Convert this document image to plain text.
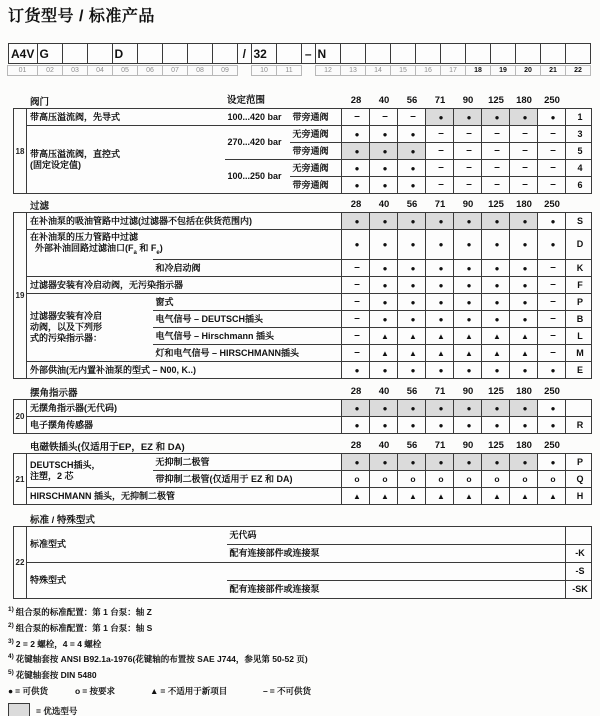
订货型号 / 标准产品
A4V
01
G
02	03	04
D
05	06	07	08	09
/ 32
10	11
– N
12	13	14	15	16	17	18	19	20	21	22
阀门	设定范围	28	40	56	71	90	125	180	250
18
带高压溢流阀，先导式	100...420 bar	带旁通阀	–	–	–	●	●	●	●	●	1
带高压溢流阀，直控式
(固定设定值)	270...420 bar	无旁通阀	●	●	●	–	–	–	–	–	3
		带旁通阀	●	●	●	–	–	–	–	–	5
	100...250 bar	无旁通阀	●	●	●	–	–	–	–	–	4
		带旁通阀	●	●	●	–	–	–	–	–	6
过滤	28	40	56	71	90	125	180	250
19
在补油泵的吸油管路中过滤(过滤器不包括在供货范围内)		●	●	●	●	●	●	●	●	S
在补油泵的压力管路中过滤
外部补油回路过滤油口($F_a$ 和 $F_e$)		●	●	●	●	●	●	●	●	D
	和冷启动阀	–	●	●	●	●	●	●	–	K
过滤器安装有冷启动阀，无污染指示器		–	●	●	●	●	●	●	–	F
过滤器安装有冷启
动阀，以及下列形
式的污染指示器：	窗式	–	●	●	●	●	●	●	–	P
	电气信号 – DEUTSCH插头	–	●	●	●	●	●	●	–	B
	电气信号 – Hirschmann 插头	–	▲	▲	▲	▲	▲	▲	–	L
	灯和电气信号 – HIRSCHMANN插头	–	▲	▲	▲	▲	▲	▲	–	M
外部供油(无内置补油泵的型式 – N00, K..)		●	●	●	●	●	●	●	●	E
摆角指示器	28	40	56	71	90	125	180	250
20
无摆角指示器(无代码)	●	●	●	●	●	●	●	●	
电子摆角传感器	●	●	●	●	●	●	●	●	R
电磁铁插头(仅适用于EP，EZ 和 DA)	28	40	56	71	90	125	180	250
21
DEUTSCH插头，
注塑，2 芯	无抑制二极管	●	●	●	●	●	●	●	●	P
	带抑制二极管(仅适用于 EZ 和 DA)	o	o	o	o	o	o	o	o	Q
HIRSCHMANN 插头，无抑制二极管		▲	▲	▲	▲	▲	▲	▲	▲	H
标准 / 特殊型式
22
标准型式	无代码	
	配有连接部件或连接泵	-K
特殊型式		-S
	配有连接部件或连接泵	-SK
$^{1)}$ 组合泵的标准配置：第 1 台泵：轴 Z
$^{2)}$ 组合泵的标准配置：第 1 台泵：轴 S
$^{3)}$ 2 = 2 螺栓，4 = 4 螺栓
$^{4)}$ 花键轴套按 ANSI B92.1a-1976(花键轴的布置按 SAE J744，参见第 50-52 页)
$^{5)}$ 花键轴套按 DIN 5480
● = 可供货	o = 按要求	▲ = 不适用于新项目	– = 不可供货
= 优选型号
